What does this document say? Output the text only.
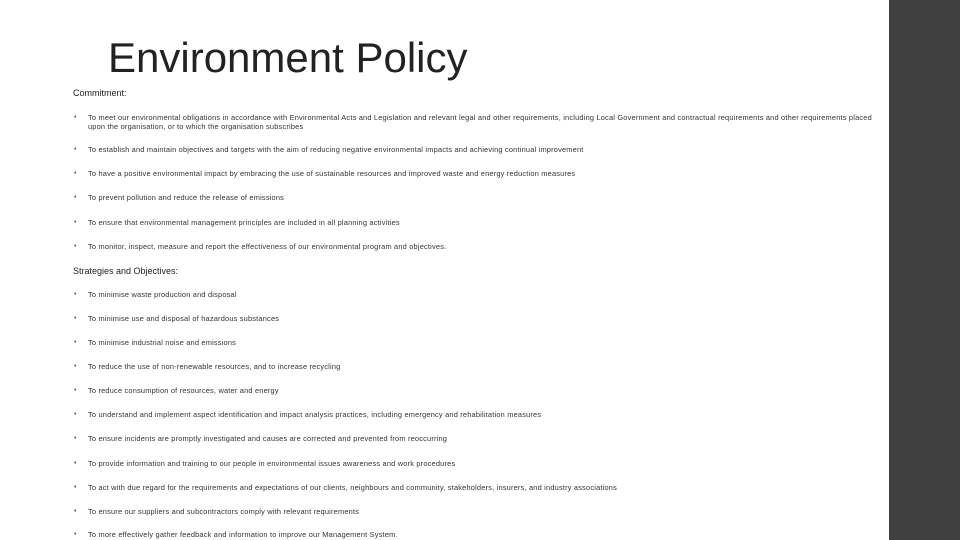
Environment Policy
Commitment:
• To meet our environmental obligations in accordance with Environmental Acts and Legislation and relevant legal and other requirements, including Local Government and contractual requirements and other requirements placed upon the organisation, or to which the organisation subscribes
• To establish and maintain objectives and targets with the aim of reducing negative environmental impacts and achieving continual improvement
• To have a positive environmental impact by embracing the use of sustainable resources and improved waste and energy reduction measures
• To prevent pollution and reduce the release of emissions
• To ensure that environmental management principles are included in all planning activities
• To monitor, inspect, measure and report the effectiveness of our environmental program and objectives.
Strategies and Objectives:
• To minimise waste production and disposal
• To minimise use and disposal of hazardous substances
• To minimise industrial noise and emissions
• To reduce the use of non-renewable resources, and to increase recycling
• To reduce consumption of resources, water and energy
• To understand and implement aspect identification and impact analysis practices, including emergency and rehabilitation measures
• To ensure incidents are promptly investigated and causes are corrected and prevented from reoccurring
• To provide information and training to our people in environmental issues awareness and work procedures
• To act with due regard for the requirements and expectations of our clients, neighbours and community, stakeholders, insurers, and industry associations
• To ensure our suppliers and subcontractors comply with relevant requirements
• To more effectively gather feedback and information to improve our Management System.
